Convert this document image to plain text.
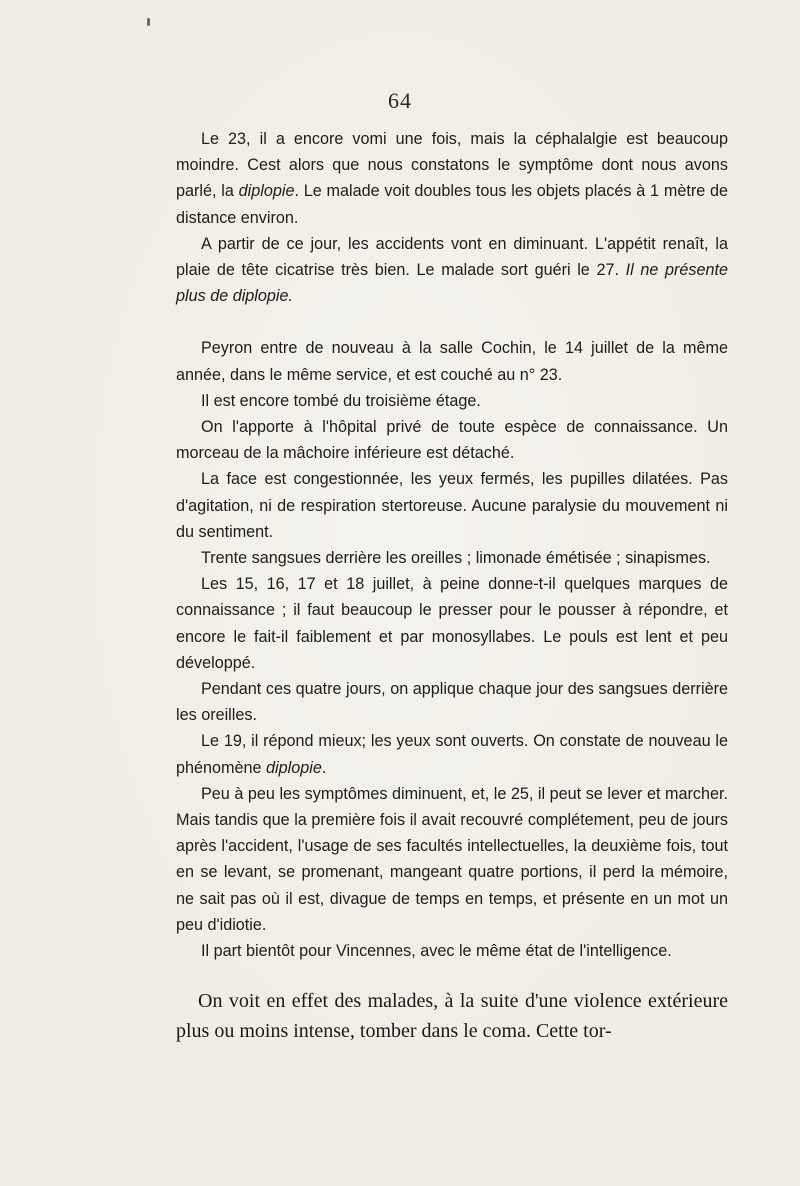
64

Le 23, il a encore vomi une fois, mais la céphalalgie est beaucoup moindre. Cest alors que nous constatons le symptôme dont nous avons parlé, la diplopie. Le malade voit doubles tous les objets placés à 1 mètre de distance environ.

A partir de ce jour, les accidents vont en diminuant. L'appétit renaît, la plaie de tête cicatrise très bien. Le malade sort guéri le 27. Il ne présente plus de diplopie.

Peyron entre de nouveau à la salle Cochin, le 14 juillet de la même année, dans le même service, et est couché au n° 23.

Il est encore tombé du troisième étage.

On l'apporte à l'hôpital privé de toute espèce de connaissance. Un morceau de la mâchoire inférieure est détaché.

La face est congestionnée, les yeux fermés, les pupilles dilatées. Pas d'agitation, ni de respiration stertoreuse. Aucune paralysie du mouvement ni du sentiment.

Trente sangsues derrière les oreilles ; limonade émétisée ; sinapismes.

Les 15, 16, 17 et 18 juillet, à peine donne-t-il quelques marques de connaissance ; il faut beaucoup le presser pour le pousser à répondre, et encore le fait-il faiblement et par monosyllabes. Le pouls est lent et peu développé.

Pendant ces quatre jours, on applique chaque jour des sangsues derrière les oreilles.

Le 19, il répond mieux; les yeux sont ouverts. On constate de nouveau le phénomène diplopie.

Peu à peu les symptômes diminuent, et, le 25, il peut se lever et marcher. Mais tandis que la première fois il avait recouvré complétement, peu de jours après l'accident, l'usage de ses facultés intellectuelles, la deuxième fois, tout en se levant, se promenant, mangeant quatre portions, il perd la mémoire, ne sait pas où il est, divague de temps en temps, et présente en un mot un peu d'idiotie.

Il part bientôt pour Vincennes, avec le même état de l'intelligence.

On voit en effet des malades, à la suite d'une violence extérieure plus ou moins intense, tomber dans le coma. Cette tor-
